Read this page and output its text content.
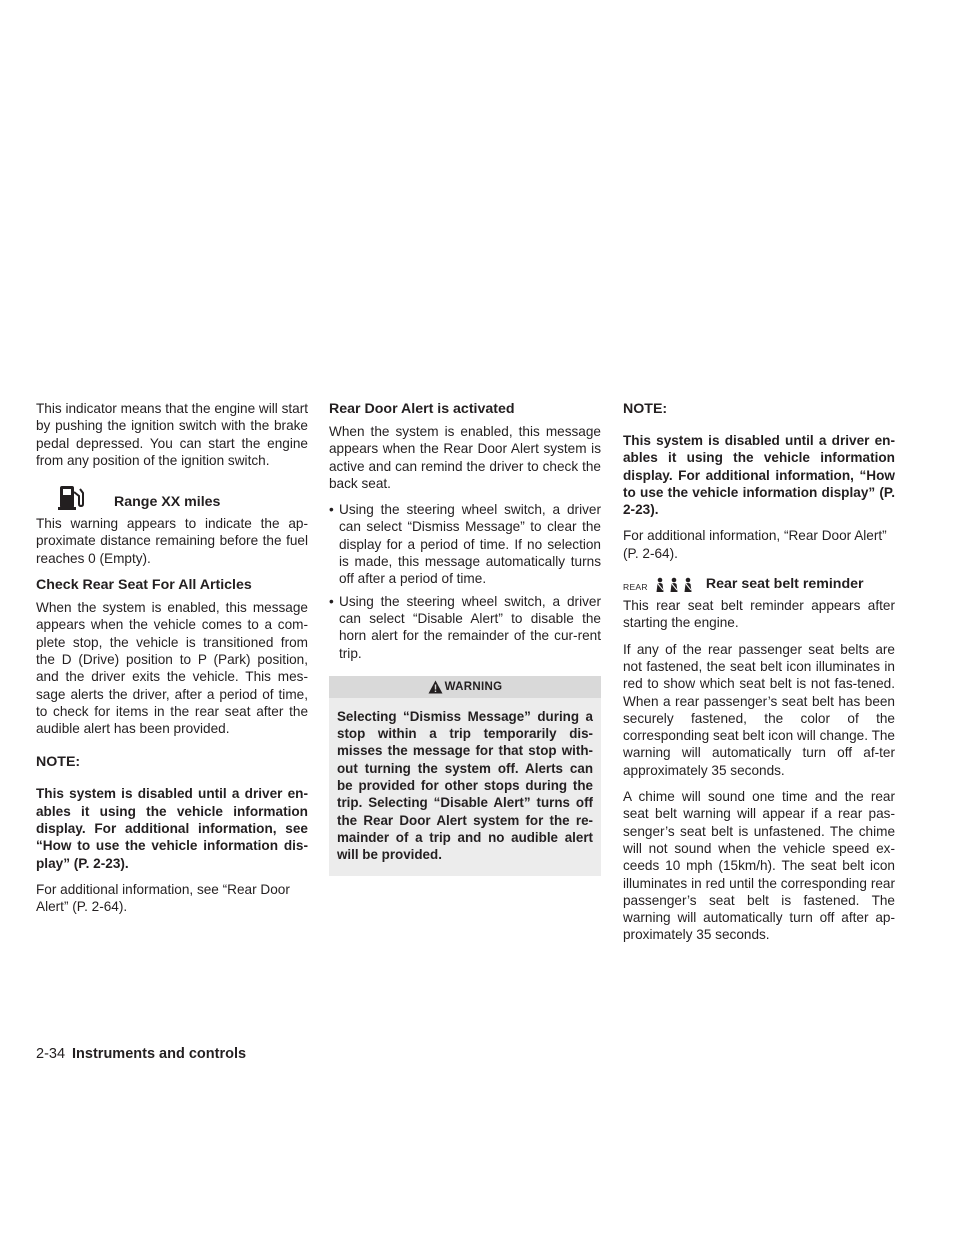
This indicator means that the engine will start by pushing the ignition switch with the brake pedal depressed. You can start the engine from any position of the ignition switch.

Range XX miles

This warning appears to indicate the ap-proximate distance remaining before the fuel reaches 0 (Empty).

Check Rear Seat For All Articles

When the system is enabled, this message appears when the vehicle comes to a com-plete stop, the vehicle is transitioned from the D (Drive) position to P (Park) position, and the driver exits the vehicle. This mes-sage alerts the driver, after a period of time, to check for items in the rear seat after the audible alert has been provided.

NOTE:

This system is disabled until a driver en-ables it using the vehicle information display. For additional information, see “How to use the vehicle information dis-play” (P. 2-23).

For additional information, see “Rear Door Alert” (P. 2-64).

Rear Door Alert is activated

When the system is enabled, this message appears when the Rear Door Alert system is active and can remind the driver to check the back seat.

• Using the steering wheel switch, a driver can select “Dismiss Message” to clear the display for a period of time. If no selection is made, this message automatically turns off after a period of time.
• Using the steering wheel switch, a driver can select “Disable Alert” to disable the horn alert for the remainder of the cur-rent trip.
WARNING

Selecting “Dismiss Message” during a stop within a trip temporarily dis-misses the message for that stop with-out turning the system off. Alerts can be provided for other stops during the trip. Selecting “Disable Alert” turns off the Rear Door Alert system for the re-mainder of a trip and no audible alert will be provided.

NOTE:

This system is disabled until a driver en-ables it using the vehicle information display. For additional information, “How to use the vehicle information display” (P. 2-23).

For additional information, “Rear Door Alert” (P. 2-64).

REAR	Rear seat belt reminder

This rear seat belt reminder appears after starting the engine.

If any of the rear passenger seat belts are not fastened, the seat belt icon illuminates in red to show which seat belt is not fas-tened. When a rear passenger’s seat belt has been securely fastened, the color of the corresponding seat belt icon will change. The warning will automatically turn off af-ter approximately 35 seconds.

A chime will sound one time and the rear seat belt warning will appear if a rear pas-senger’s seat belt is unfastened. The chime will not sound when the vehicle speed ex-ceeds 10 mph (15km/h). The seat belt icon illuminates in red until the corresponding rear passenger’s seat belt is fastened. The warning will automatically turn off after ap-proximately 35 seconds.

2-34 Instruments and controls
